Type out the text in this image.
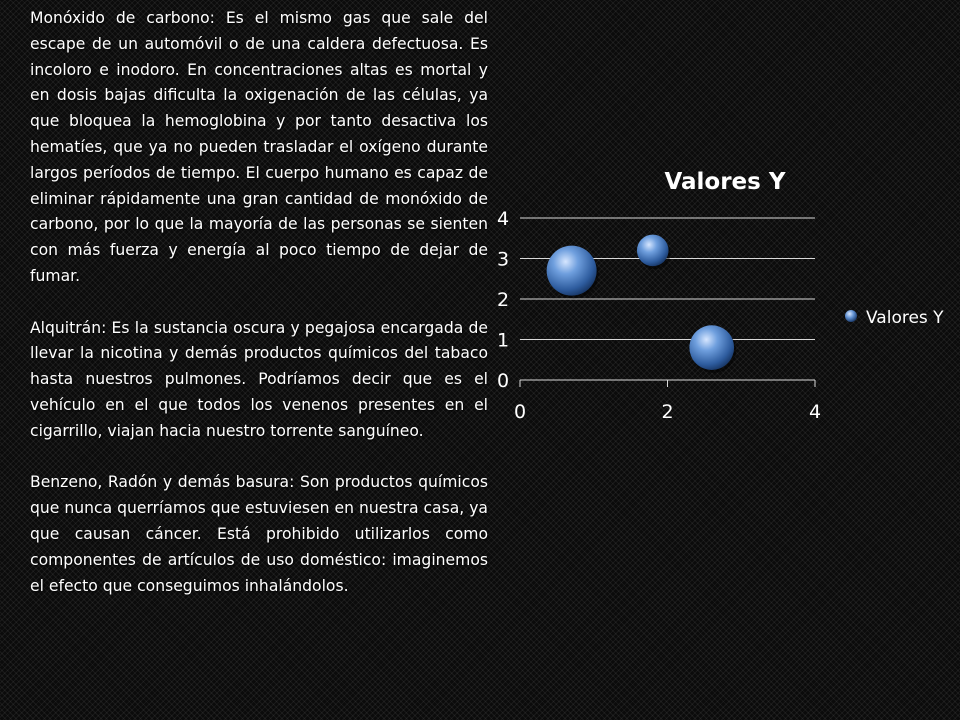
Monóxido de carbono: Es el mismo gas que sale del escape de un automóvil o de una caldera defectuosa. Es incoloro e inodoro. En concentraciones altas es mortal y en dosis bajas dificulta la oxigenación de las células, ya que bloquea la hemoglobina y por tanto desactiva los hematíes, que ya no pueden trasladar el oxígeno durante largos períodos de tiempo. El cuerpo humano es capaz de eliminar rápidamente una gran cantidad de monóxido de carbono, por lo que la mayoría de las personas se sienten con más fuerza y energía al poco tiempo de dejar de fumar.

Alquitrán: Es la sustancia oscura y pegajosa encargada de llevar la nicotina y demás productos químicos del tabaco hasta nuestros pulmones. Podríamos decir que es el vehículo en el que todos los venenos presentes en el cigarrillo, viajan hacia nuestro torrente sanguíneo.

Benzeno, Radón y demás basura: Son productos químicos que nunca querríamos que estuviesen en nuestra casa, ya que causan cáncer. Está prohibido utilizarlos como componentes de artículos de uso doméstico: imaginemos el efecto que conseguimos inhalándolos.

Valores Y
0
1
2
3
4
0	2	4
Valores Y
